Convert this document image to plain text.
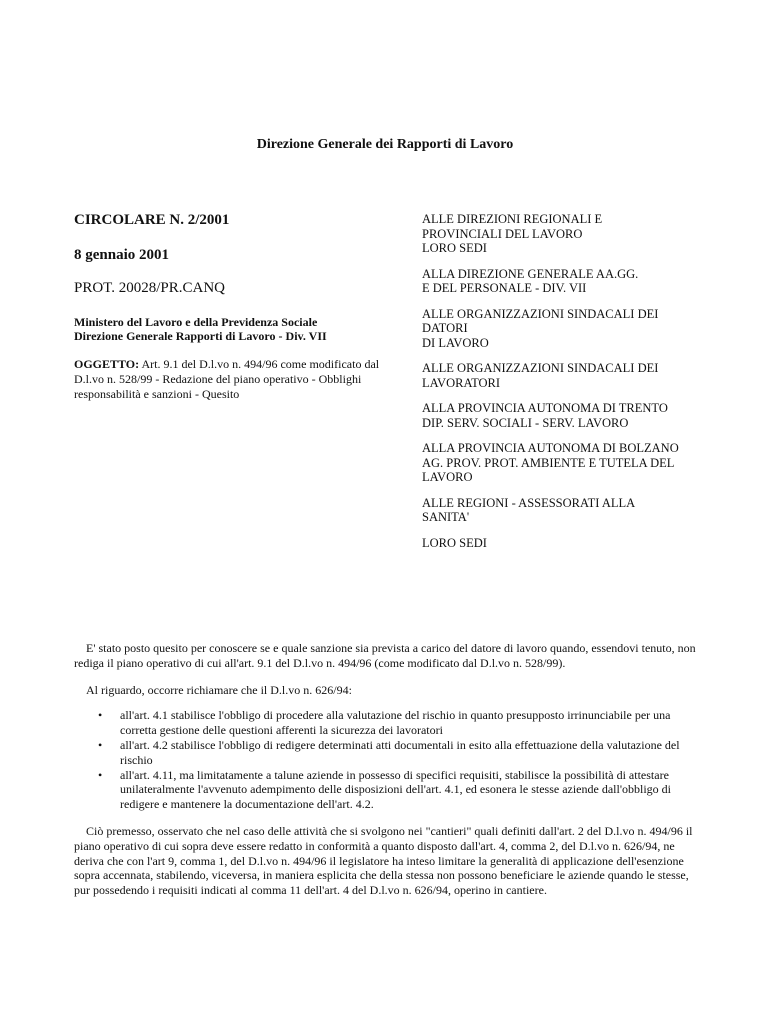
Direzione Generale dei Rapporti di Lavoro

CIRCOLARE N. 2/2001

8 gennaio 2001

PROT. 20028/PR.CANQ

Ministero del Lavoro e della Previdenza Sociale
Direzione Generale Rapporti di Lavoro - Div. VII

OGGETTO: Art. 9.1 del D.l.vo n. 494/96 come modificato dal D.l.vo n. 528/99 - Redazione del piano operativo - Obblighi responsabilità e sanzioni - Quesito

ALLE DIREZIONI REGIONALI E
PROVINCIALI DEL LAVORO
LORO SEDI

ALLA DIREZIONE GENERALE AA.GG.
E DEL PERSONALE - DIV. VII

ALLE ORGANIZZAZIONI SINDACALI DEI
DATORI
DI LAVORO

ALLE ORGANIZZAZIONI SINDACALI DEI
LAVORATORI

ALLA PROVINCIA AUTONOMA DI TRENTO
DIP. SERV. SOCIALI - SERV. LAVORO

ALLA PROVINCIA AUTONOMA DI BOLZANO
AG. PROV. PROT. AMBIENTE E TUTELA DEL
LAVORO

ALLE REGIONI - ASSESSORATI ALLA
SANITA'

LORO SEDI

E' stato posto quesito per conoscere se e quale sanzione sia prevista a carico del datore di lavoro quando, essendovi tenuto, non rediga il piano operativo di cui all'art. 9.1 del D.l.vo n. 494/96 (come modificato dal D.l.vo n. 528/99).

Al riguardo, occorre richiamare che il D.l.vo n. 626/94:

• all'art. 4.1 stabilisce l'obbligo di procedere alla valutazione del rischio in quanto presupposto irrinunciabile per una corretta gestione delle questioni afferenti la sicurezza dei lavoratori
• all'art. 4.2 stabilisce l'obbligo di redigere determinati atti documentali in esito alla effettuazione della valutazione del rischio
• all'art. 4.11, ma limitatamente a talune aziende in possesso di specifici requisiti, stabilisce la possibilità di attestare unilateralmente l'avvenuto adempimento delle disposizioni dell'art. 4.1, ed esonera le stesse aziende dall'obbligo di redigere e mantenere la documentazione dell'art. 4.2.

Ciò premesso, osservato che nel caso delle attività che si svolgono nei "cantieri" quali definiti dall'art. 2 del D.l.vo n. 494/96 il piano operativo di cui sopra deve essere redatto in conformità a quanto disposto dall'art. 4, comma 2, del D.l.vo n. 626/94, ne deriva che con l'art 9, comma 1, del D.l.vo n. 494/96 il legislatore ha inteso limitare la generalità di applicazione dell'esenzione sopra accennata, stabilendo, viceversa, in maniera esplicita che della stessa non possono beneficiare le aziende quando le stesse, pur possedendo i requisiti indicati al comma 11 dell'art. 4 del D.l.vo n. 626/94, operino in cantiere.
